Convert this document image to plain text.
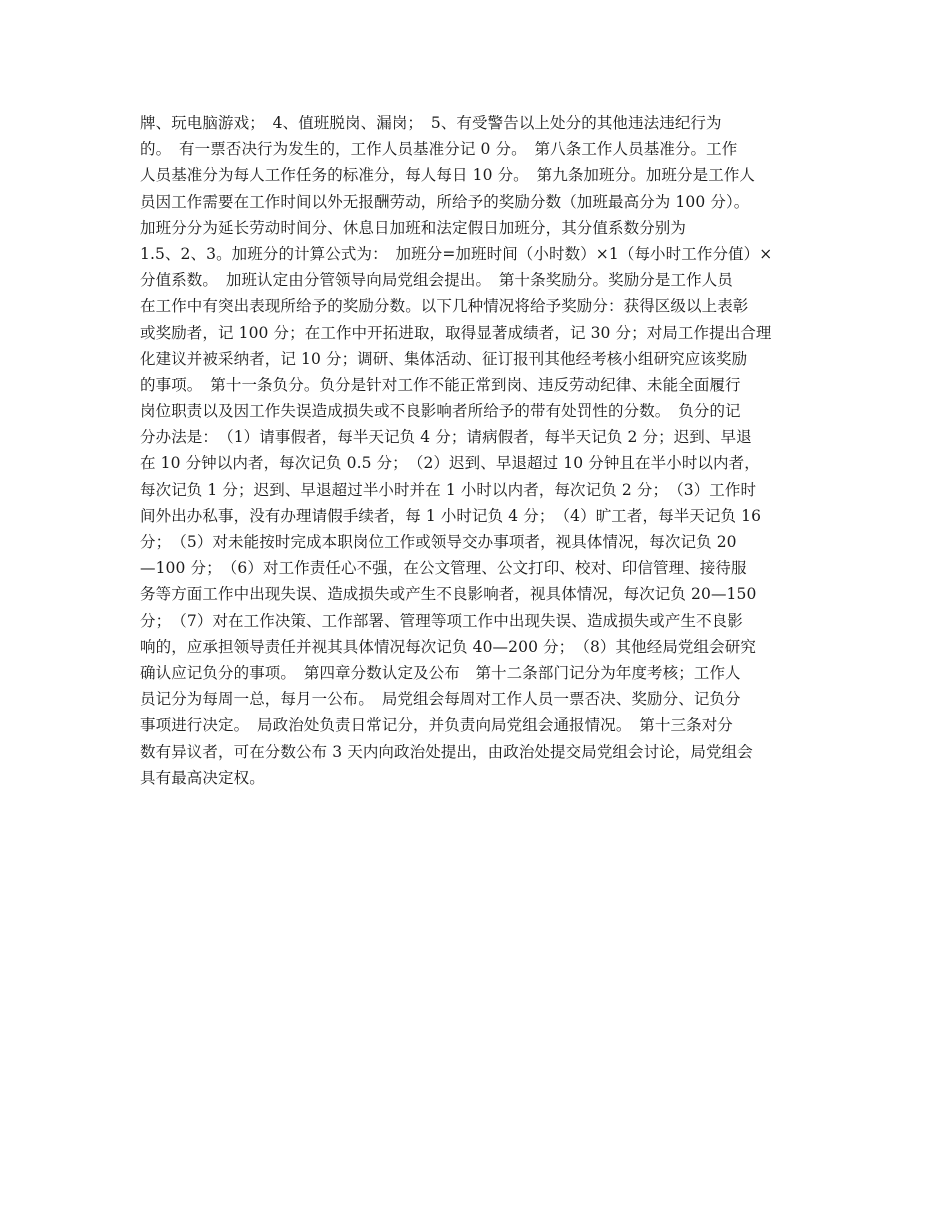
牌、玩电脑游戏；　4、值班脱岗、漏岗；　5、有受警告以上处分的其他违法违纪行为
的。　有一票否决行为发生的，工作人员基准分记 0 分。　第八条工作人员基准分。工作
人员基准分为每人工作任务的标准分，每人每日 10 分。　第九条加班分。加班分是工作人
员因工作需要在工作时间以外无报酬劳动，所给予的奖励分数（加班最高分为 100 分）。
加班分分为延长劳动时间分、休息日加班和法定假日加班分，其分值系数分别为
1.5、2、3。加班分的计算公式为：　加班分=加班时间（小时数）×1（每小时工作分值）×
分值系数。　加班认定由分管领导向局党组会提出。　第十条奖励分。奖励分是工作人员
在工作中有突出表现所给予的奖励分数。以下几种情况将给予奖励分：获得区级以上表彰
或奖励者，记 100 分；在工作中开拓进取，取得显著成绩者，记 30 分；对局工作提出合理
化建议并被采纳者，记 10 分；调研、集体活动、征订报刊其他经考核小组研究应该奖励
的事项。　第十一条负分。负分是针对工作不能正常到岗、违反劳动纪律、未能全面履行
岗位职责以及因工作失误造成损失或不良影响者所给予的带有处罚性的分数。　负分的记
分办法是：　（1）请事假者，每半天记负 4 分；请病假者，每半天记负 2 分；迟到、早退
在 10 分钟以内者，每次记负 0.5 分；　（2）迟到、早退超过 10 分钟且在半小时以内者，
每次记负 1 分；迟到、早退超过半小时并在 1 小时以内者，每次记负 2 分；　（3）工作时
间外出办私事，没有办理请假手续者，每 1 小时记负 4 分；　（4）旷工者，每半天记负 16
分；　（5）对未能按时完成本职岗位工作或领导交办事项者，视具体情况，每次记负 20
—100 分；　（6）对工作责任心不强，在公文管理、公文打印、校对、印信管理、接待服
务等方面工作中出现失误、造成损失或产生不良影响者，视具体情况，每次记负 20—150
分；　（7）对在工作决策、工作部署、管理等项工作中出现失误、造成损失或产生不良影
响的，应承担领导责任并视其具体情况每次记负 40—200 分；　（8）其他经局党组会研究
确认应记负分的事项。　第四章分数认定及公布　第十二条部门记分为年度考核；工作人
员记分为每周一总，每月一公布。　局党组会每周对工作人员一票否决、奖励分、记负分
事项进行决定。　局政治处负责日常记分，并负责向局党组会通报情况。　第十三条对分
数有异议者，可在分数公布 3 天内向政治处提出，由政治处提交局党组会讨论，局党组会
具有最高决定权。
